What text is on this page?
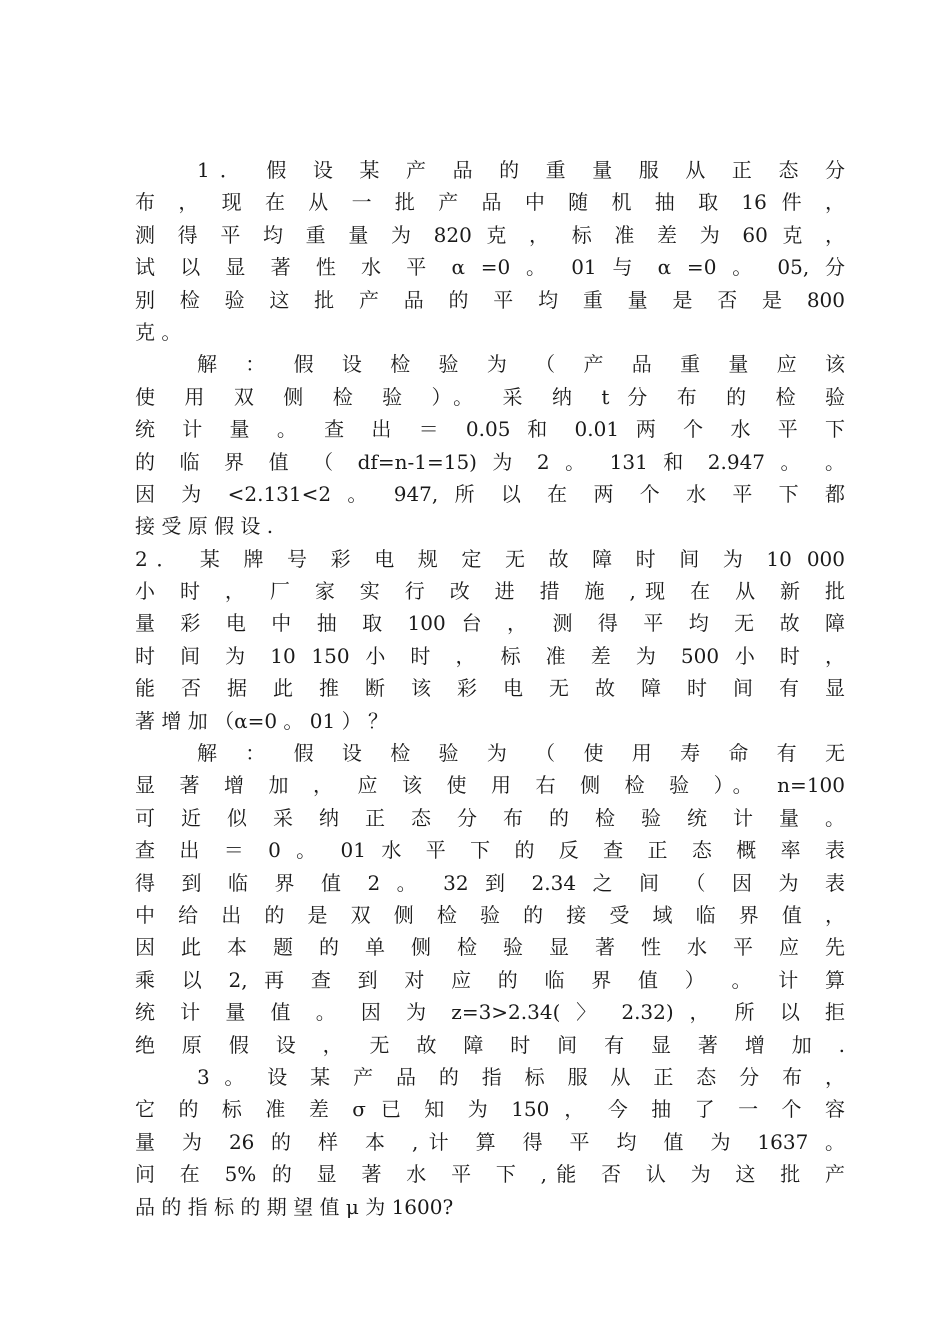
1． 假 设 某 产 品 的 重 量 服 从 正 态 分
布 ， 现 在 从 一 批 产 品 中 随 机 抽 取 16 件 ，
测 得 平 均 重 量 为 820 克 ， 标 准 差 为 60 克 ，
试 以 显 著 性 水 平 α =0 。 01 与 α =0 。 05, 分
别 检 验 这 批 产 品 的 平 均 重 量 是 否 是 800
克 。
解 ： 假 设 检 验 为 （ 产 品 重 量 应 该
使 用 双 侧 检 验 ）。 采 纳 t 分 布 的 检 验
统 计 量 。 查 出 ＝ 0.05 和 0.01 两 个 水 平 下
的 临 界 值 （ df=n-1=15) 为 2 。 131 和 2.947 。 。
因 为 <2.131<2 。 947, 所 以 在 两 个 水 平 下 都
接 受 原 假 设 .
2． 某 牌 号 彩 电 规 定 无 故 障 时 间 为 10 000
小 时 ， 厂 家 实 行 改 进 措 施 ,现 在 从 新 批
量 彩 电 中 抽 取 100 台 ， 测 得 平 均 无 故 障
时 间 为 10 150 小 时 ， 标 准 差 为 500 小 时 ，
能 否 据 此 推 断 该 彩 电 无 故 障 时 间 有 显
著 增 加 （α=0 。 01 ） ？
解 ： 假 设 检 验 为 （ 使 用 寿 命 有 无
显 著 增 加 ， 应 该 使 用 右 侧 检 验 ）。 n=100
可 近 似 采 纳 正 态 分 布 的 检 验 统 计 量 。
查 出 ＝ 0 。 01 水 平 下 的 反 查 正 态 概 率 表
得 到 临 界 值 2 。 32 到 2.34 之 间 （ 因 为 表
中 给 出 的 是 双 侧 检 验 的 接 受 域 临 界 值 ，
因 此 本 题 的 单 侧 检 验 显 著 性 水 平 应 先
乘 以 2, 再 查 到 对 应 的 临 界 值 ） 。 计 算
统 计 量 值 。 因 为 z=3>2.34( 〉 2.32) ， 所 以 拒
绝 原 假 设 ， 无 故 障 时 间 有 显 著 增 加 .
3 。 设 某 产 品 的 指 标 服 从 正 态 分 布 ，
它 的 标 准 差 σ 已 知 为 150 ， 今 抽 了 一 个 容
量 为 26 的 样 本 ,计 算 得 平 均 值 为 1637 。
问 在 5% 的 显 著 水 平 下 ,能 否 认 为 这 批 产
品 的 指 标 的 期 望 值 μ 为 1600?
